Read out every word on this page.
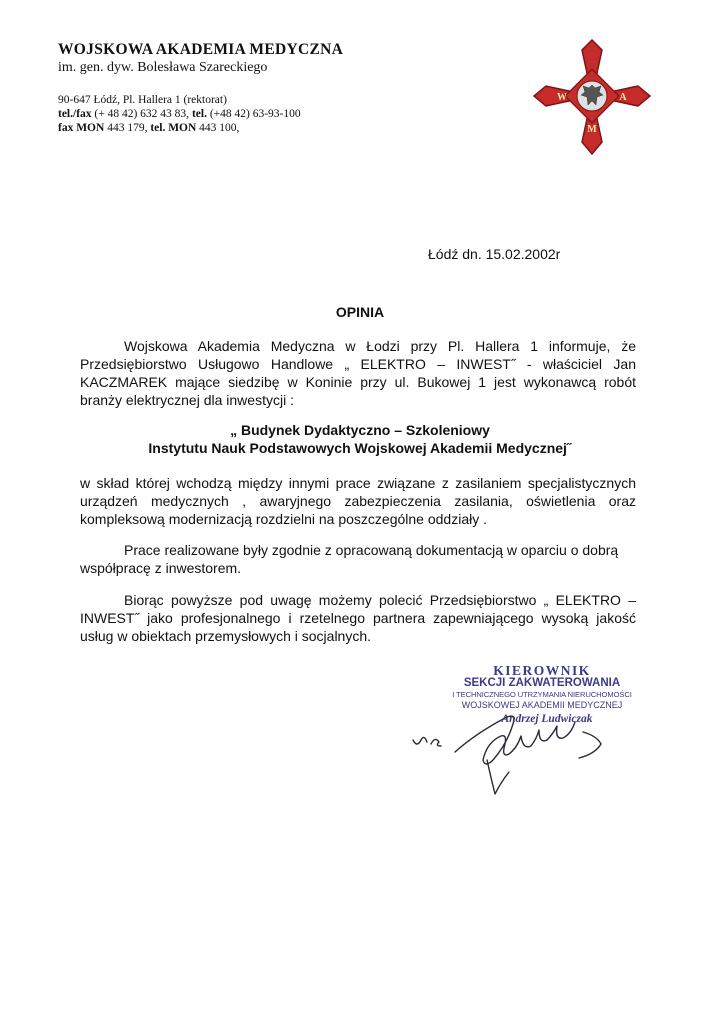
WOJSKOWA AKADEMIA MEDYCZNA
im. gen. dyw. Bolesława Szareckiego
90-647 Łódź, Pl. Hallera 1 (rektorat)
tel./fax (+ 48 42) 632 43 83, tel. (+48 42) 63-93-100
fax MON 443 179, tel. MON 443 100,
W	A
M
Łódź dn. 15.02.2002r
OPINIA
Wojskowa Akademia Medyczna w Łodzi przy Pl. Hallera 1 informuje, że Przedsiębiorstwo Usługowo Handlowe „ ELEKTRO – INWEST˝ - właściciel Jan KACZMAREK mające siedzibę w Koninie przy ul. Bukowej 1 jest wykonawcą robót branży elektrycznej dla inwestycji :
„ Budynek Dydaktyczno – Szkoleniowy
Instytutu Nauk Podstawowych Wojskowej Akademii Medycznej˝
w skład której wchodzą między innymi prace związane z zasilaniem specjalistycznych urządzeń medycznych , awaryjnego zabezpieczenia zasilania, oświetlenia oraz kompleksową modernizacją rozdzielni na poszczególne oddziały .
Prace realizowane były zgodnie z opracowaną dokumentacją w oparciu o dobrą współpracę z inwestorem.
Biorąc powyższe pod uwagę możemy polecić Przedsiębiorstwo „ ELEKTRO – INWEST˝ jako profesjonalnego i rzetelnego partnera zapewniającego wysoką jakość usług w obiektach przemysłowych i socjalnych.
KIEROWNIK
SEKCJI ZAKWATEROWANIA
I TECHNICZNEGO UTRZYMANIA NIERUCHOMOŚCI
WOJSKOWEJ AKADEMII MEDYCZNEJ
Andrzej Ludwiczak
